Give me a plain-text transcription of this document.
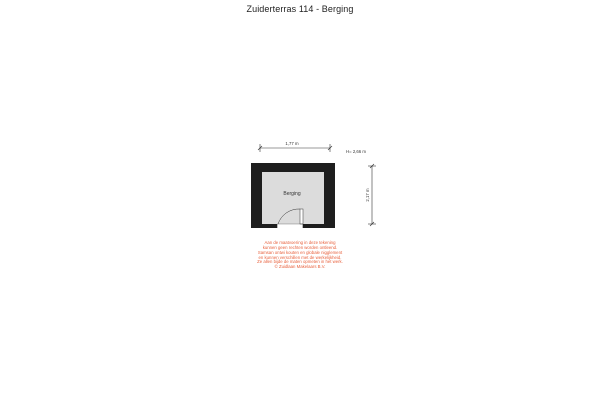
Zuiderterras 114 - Berging
1,77 m
H= 2,66 m
2,17 m
Berging
Aan de maatvoering in deze tekening
kunnen geen rechten worden ontleend.
Samsan ontwi kouten en globale nigglement
en kunnen verschillen met de werkelijkheid.
Ze allen bijde de maten opmeten in het werk.
© Zuidlaan Makelaars B.V.
